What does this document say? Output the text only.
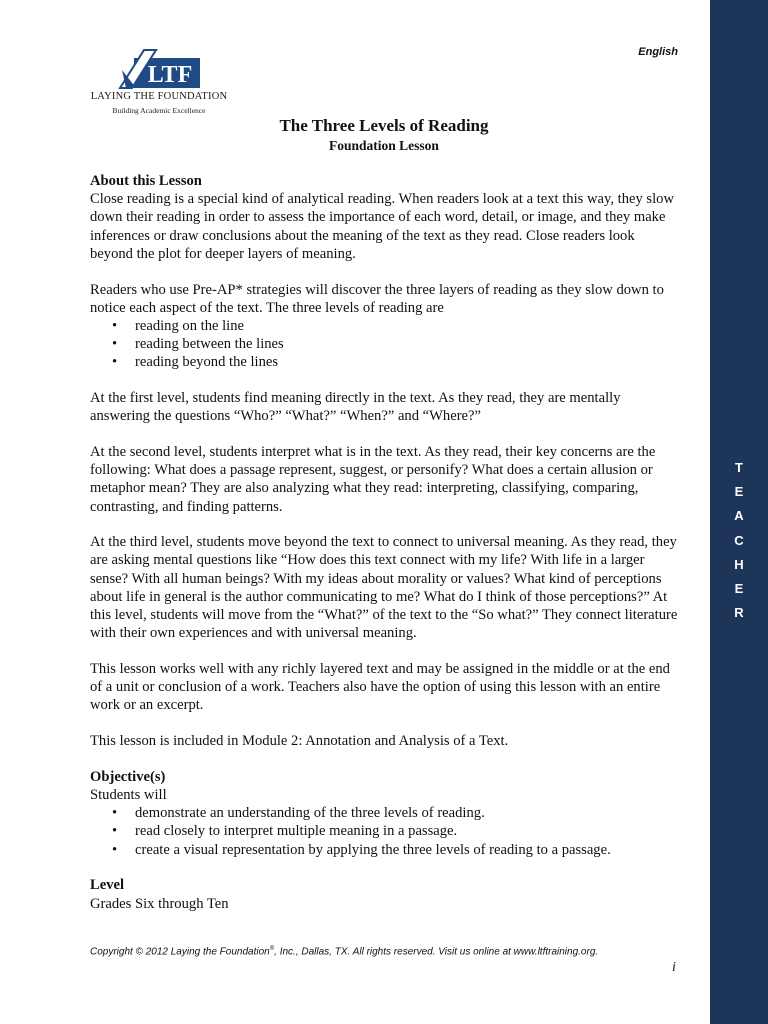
T
E
A
C
H
E
R
English
LTF
LAYING THE FOUNDATION
Building Academic Excellence
The Three Levels of Reading
Foundation Lesson
About this Lesson

Close reading is a special kind of analytical reading. When readers look at a text this way, they slow down their reading in order to assess the importance of each word, detail, or image, and they make inferences or draw conclusions about the meaning of the text as they read. Close readers look beyond the plot for deeper layers of meaning.

Readers who use Pre-AP* strategies will discover the three layers of reading as they slow down to notice each aspect of the text. The three levels of reading are

• reading on the line
• reading between the lines
• reading beyond the lines

At the first level, students find meaning directly in the text. As they read, they are mentally answering the questions “Who?” “What?” “When?” and “Where?”

At the second level, students interpret what is in the text. As they read, their key concerns are the following: What does a passage represent, suggest, or personify? What does a certain allusion or metaphor mean? They are also analyzing what they read: interpreting, classifying, comparing, contrasting, and finding patterns.

At the third level, students move beyond the text to connect to universal meaning. As they read, they are asking mental questions like “How does this text connect with my life? With life in a larger sense? With all human beings? With my ideas about morality or values? What kind of perceptions about life in general is the author communicating to me? What do I think of those perceptions?” At this level, students will move from the “What?” of the text to the “So what?” They connect literature with their own experiences and with universal meaning.

This lesson works well with any richly layered text and may be assigned in the middle or at the end of a unit or conclusion of a work. Teachers also have the option of using this lesson with an entire work or an excerpt.

This lesson is included in Module 2: Annotation and Analysis of a Text.

Objective(s)
Students will
• demonstrate an understanding of the three levels of reading.
• read closely to interpret multiple meaning in a passage.
• create a visual representation by applying the three levels of reading to a passage.
Level
Grades Six through Ten
Copyright © 2012 Laying the Foundation®, Inc., Dallas, TX. All rights reserved. Visit us online at www.ltftraining.org.
i
